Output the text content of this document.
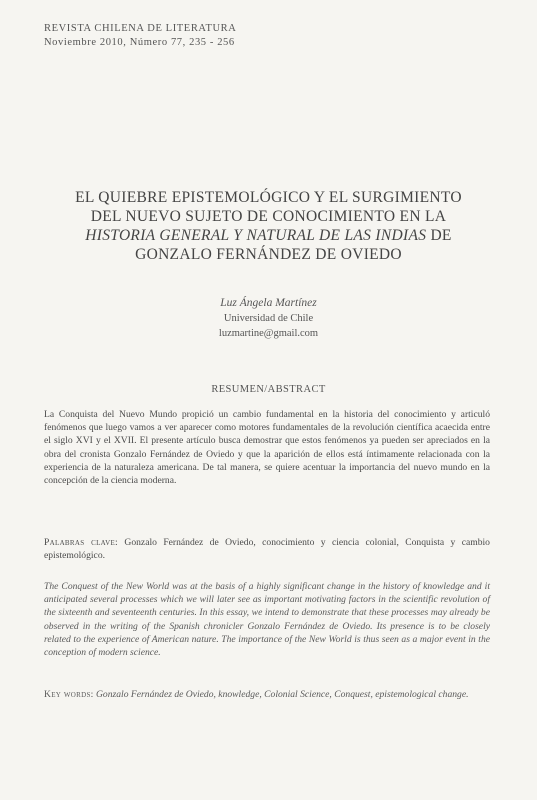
REVISTA CHILENA DE LITERATURA
Noviembre 2010, Número 77, 235 - 256
EL QUIEBRE EPISTEMOLÓGICO Y EL SURGIMIENTO
DEL NUEVO SUJETO DE CONOCIMIENTO EN LA
HISTORIA GENERAL Y NATURAL DE LAS INDIAS DE
GONZALO FERNÁNDEZ DE OVIEDO
Luz Ángela Martínez
Universidad de Chile
luzmartine@gmail.com
RESUMEN/ABSTRACT
La Conquista del Nuevo Mundo propició un cambio fundamental en la historia del conocimiento y articuló fenómenos que luego vamos a ver aparecer como motores fundamentales de la revolución científica acaecida entre el siglo XVI y el XVII. El presente artículo busca demostrar que estos fenómenos ya pueden ser apreciados en la obra del cronista Gonzalo Fernández de Oviedo y que la aparición de ellos está íntimamente relacionada con la experiencia de la naturaleza americana. De tal manera, se quiere acentuar la importancia del nuevo mundo en la concepción de la ciencia moderna.
Palabras clave: Gonzalo Fernández de Oviedo, conocimiento y ciencia colonial, Conquista y cambio epistemológico.
The Conquest of the New World was at the basis of a highly significant change in the history of knowledge and it anticipated several processes which we will later see as important motivating factors in the scientific revolution of the sixteenth and seventeenth centuries. In this essay, we intend to demonstrate that these processes may already be observed in the writing of the Spanish chronicler Gonzalo Fernández de Oviedo. Its presence is to be closely related to the experience of American nature. The importance of the New World is thus seen as a major event in the conception of modern science.
Key words: Gonzalo Fernández de Oviedo, knowledge, Colonial Science, Conquest, epistemological change.
